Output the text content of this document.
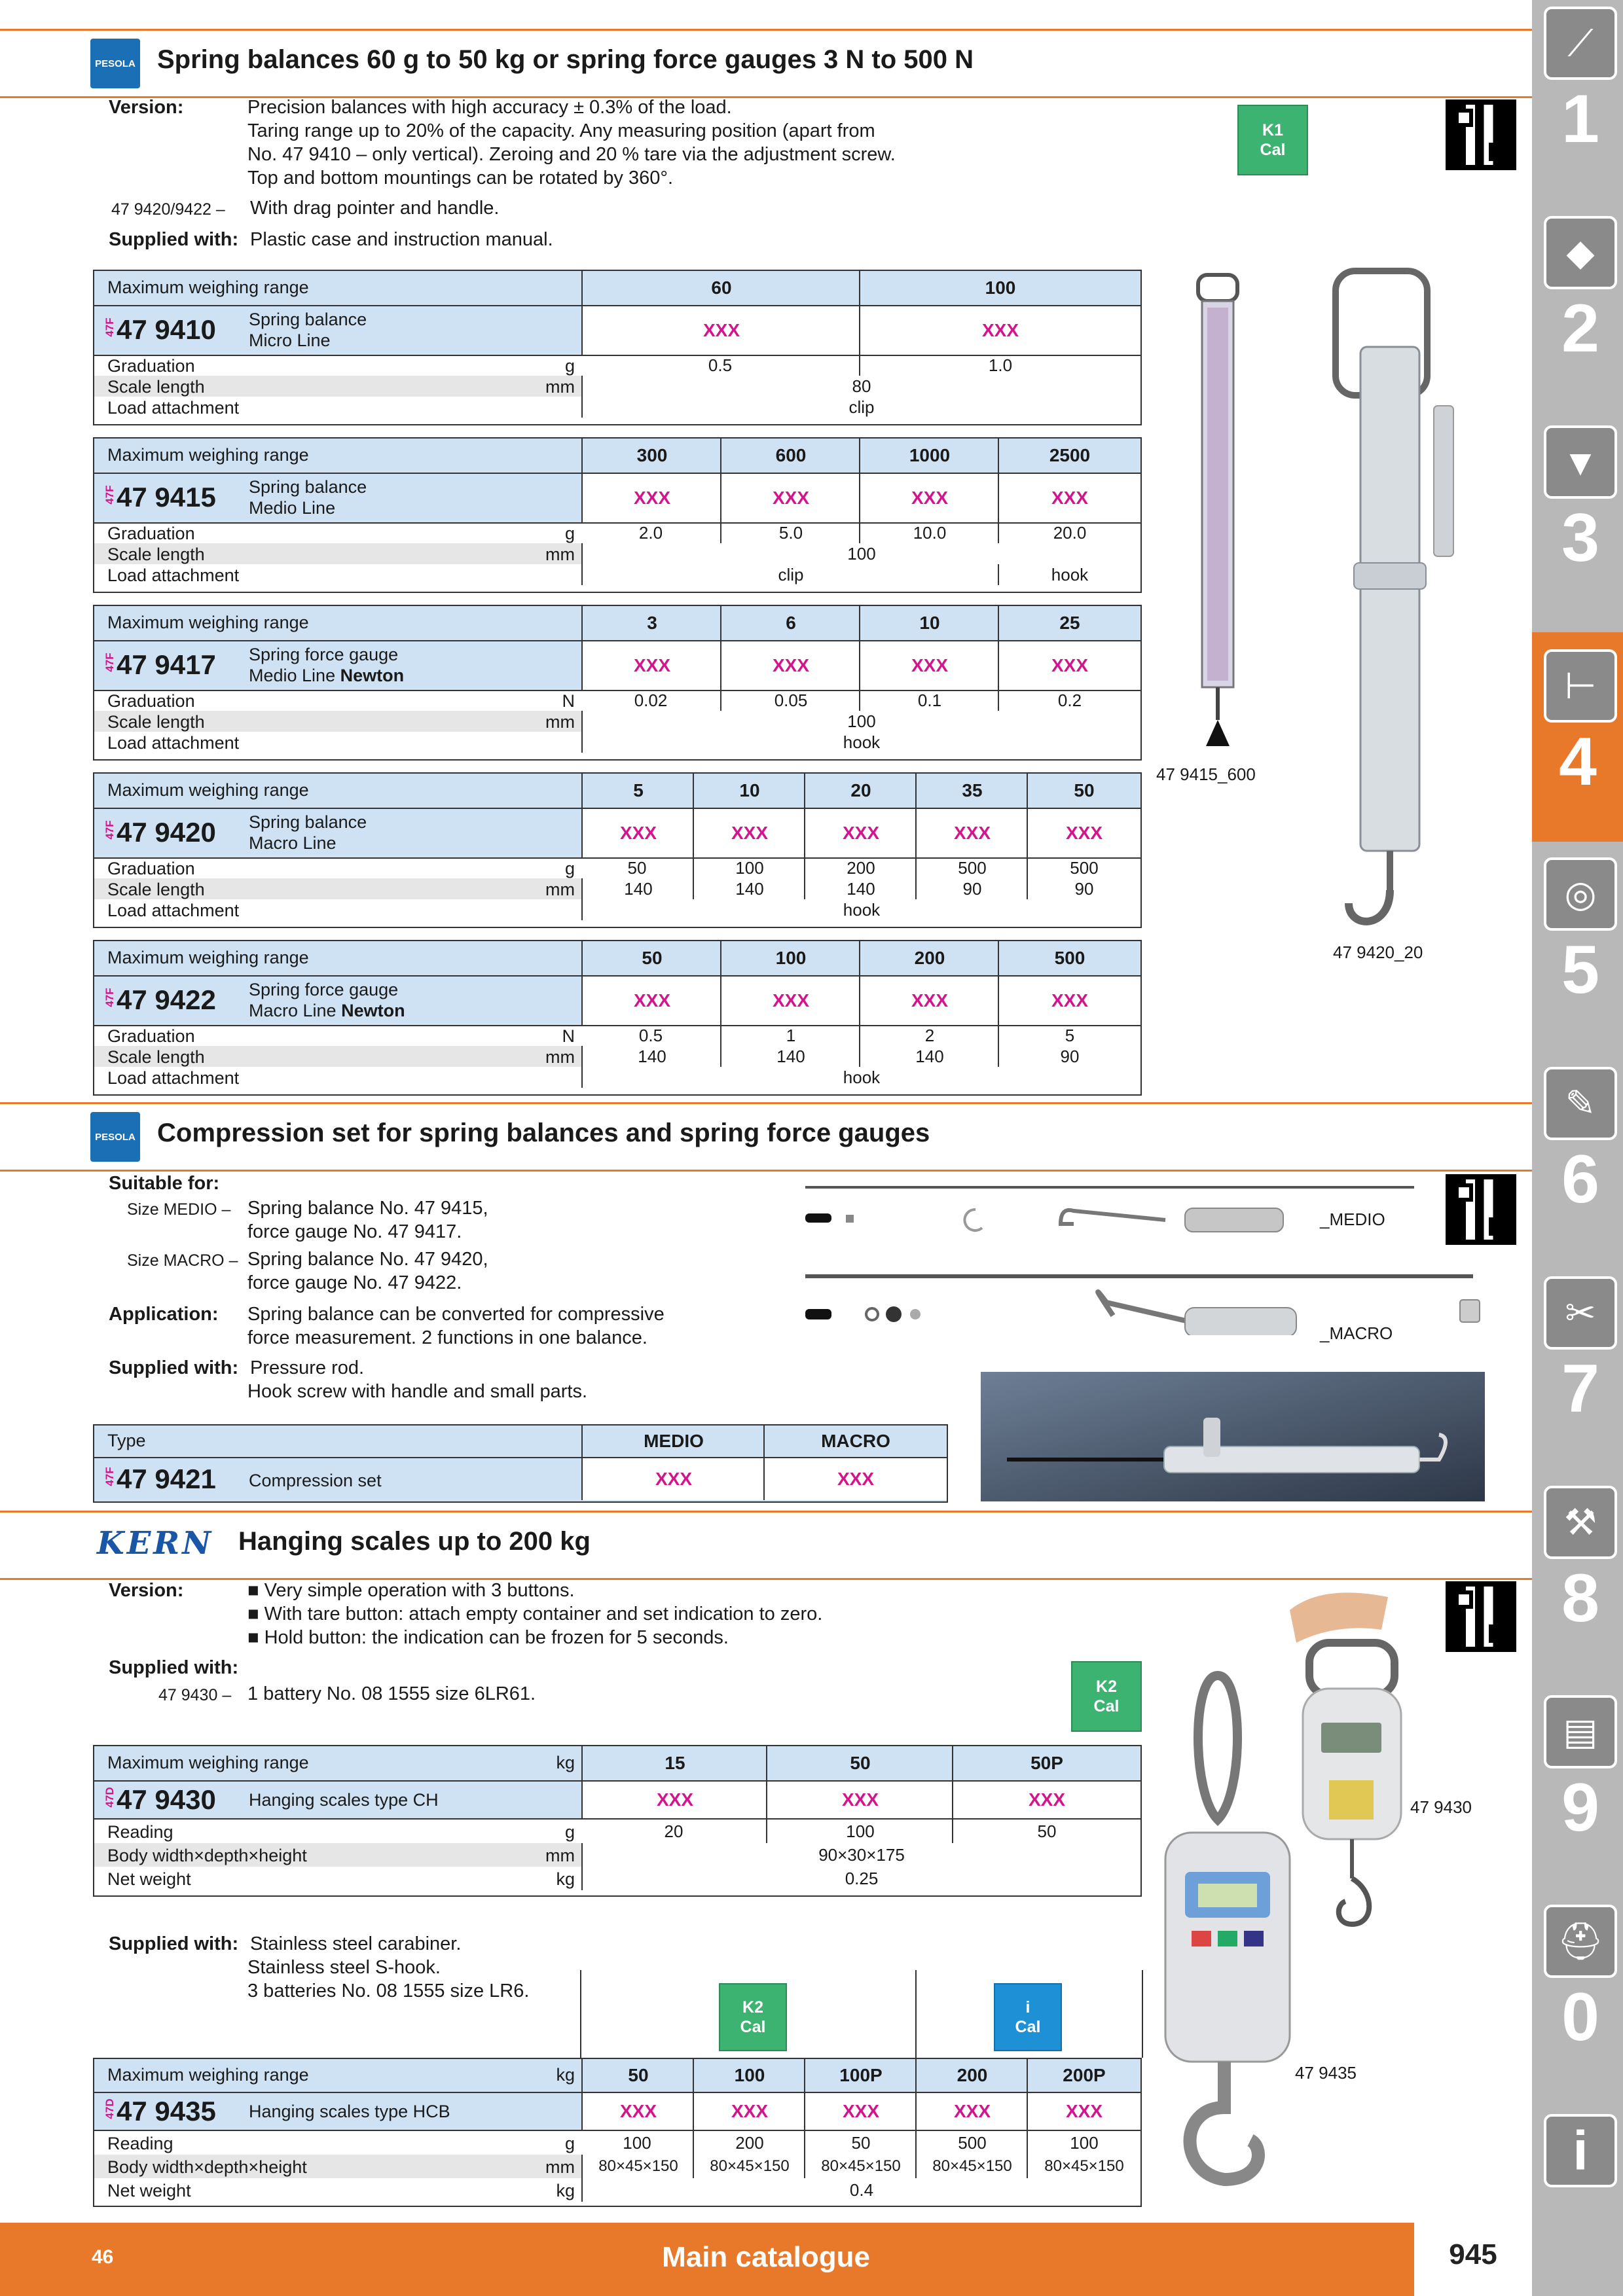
PESOLA Spring balances 60 g to 50 kg or spring force gauges 3 N to 500 N
Version:	Precision balances with high accuracy ± 0.3% of the load.
Taring range up to 20% of the capacity. Any measuring position (apart from
No. 47 9410 – only vertical). Zeroing and 20 % tare via the adjustment screw.
Top and bottom mountings can be rotated by 360°.
47 9420/9422 – With drag pointer and handle.
Supplied with: Plastic case and instruction manual.
K1
Cal
Maximum weighing range	60	100
47F 47 9410 Spring balance
Micro Line	XXX	XXX
Graduation	g	0.5	1.0
Scale length	mm	80
Load attachment	clip
Maximum weighing range	300	600	1000	2500
47F 47 9415 Spring balance
Medio Line	XXX	XXX	XXX	XXX
Graduation	g	2.0	5.0	10.0	20.0
Scale length	mm	100
Load attachment	clip	hook
Maximum weighing range	3	6	10	25
47F 47 9417 Spring force gauge
Medio Line Newton	XXX	XXX	XXX	XXX
Graduation	N	0.02	0.05	0.1	0.2
Scale length	mm	100
Load attachment	hook
Maximum weighing range	5	10	20	35	50
47F 47 9420 Spring balance
Macro Line	XXX	XXX	XXX	XXX	XXX
Graduation	g	50	100	200	500	500
Scale length	mm	140	140	140	90	90
Load attachment	hook
Maximum weighing range	50	100	200	500
47F 47 9422 Spring force gauge
Macro Line Newton	XXX	XXX	XXX	XXX
Graduation	N	0.5	1	2	5
Scale length	mm	140	140	140	90
Load attachment	hook
47 9415_600
47 9420_20
PESOLA Compression set for spring balances and spring force gauges
Suitable for:
Size MEDIO – Spring balance No. 47 9415,
force gauge No. 47 9417.
Size MACRO – Spring balance No. 47 9420,
force gauge No. 47 9422.
Application: Spring balance can be converted for compressive
force measurement. 2 functions in one balance.
Supplied with: Pressure rod.
Hook screw with handle and small parts.
_MEDIO
_MACRO
Type	MEDIO	MACRO
47F 47 9421 Compression set	XXX	XXX
KERN Hanging scales up to 200 kg
Version:	■ Very simple operation with 3 buttons.
■ With tare button: attach empty container and set indication to zero.
■ Hold button: the indication can be frozen for 5 seconds.
Supplied with:
47 9430 – 1 battery No. 08 1555 size 6LR61.	K2
Cal
Maximum weighing range	kg	15	50	50P
47D 47 9430 Hanging scales type CH	XXX	XXX	XXX
Reading	g	20	100	50
Body width×depth×height	mm	90×30×175
Net weight	kg	0.25
Supplied with: Stainless steel carabiner.
Stainless steel S-hook.
3 batteries No. 08 1555 size LR6.
K2
Cal
i
Cal
Maximum weighing range	kg	50	100	100P	200	200P
47D 47 9435 Hanging scales type HCB	XXX	XXX	XXX	XXX	XXX
Reading	g	100	200	50	500	100
Body width×depth×height	mm	80×45×150	80×45×150	80×45×150	80×45×150	80×45×150
Net weight	kg	0.4
47 9430
47 9435
⟋
1
◆
2
▼
3
⊢
4
◎
5
✎
6
✂
7
⚒
8
▤
9
⛑
0
i
46	Main catalogue	945
